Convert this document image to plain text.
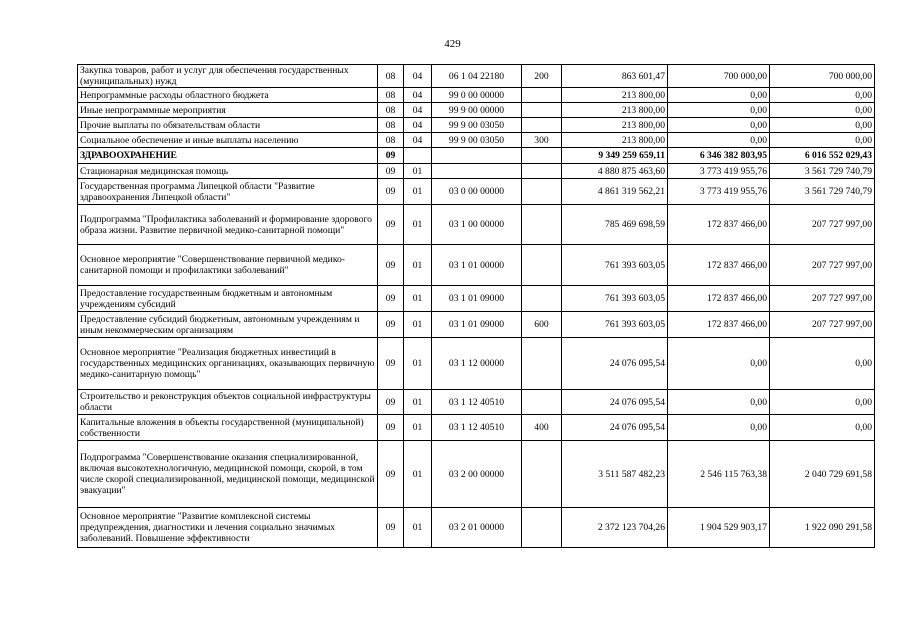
429
Закупка товаров, работ и услуг для обеспечения государственных (муниципальных) нужд	08	04	06 1 04 22180	200	863 601,47	700 000,00	700 000,00
Непрограммные расходы областного бюджета	08	04	99 0 00 00000		213 800,00	0,00	0,00
Иные непрограммные мероприятия	08	04	99 9 00 00000		213 800,00	0,00	0,00
Прочие выплаты по обязательствам области	08	04	99 9 00 03050		213 800,00	0,00	0,00
Социальное обеспечение и иные выплаты населению	08	04	99 9 00 03050	300	213 800,00	0,00	0,00
ЗДРАВООХРАНЕНИЕ	09				9 349 259 659,11	6 346 382 803,95	6 016 552 029,43
Стационарная медицинская помощь	09	01			4 880 875 463,60	3 773 419 955,76	3 561 729 740,79
Государственная программа Липецкой области "Развитие здравоохранения Липецкой области"	09	01	03 0 00 00000		4 861 319 562,21	3 773 419 955,76	3 561 729 740,79
Подпрограмма "Профилактика заболеваний и формирование здорового образа жизни. Развитие первичной медико-санитарной помощи"	09	01	03 1 00 00000		785 469 698,59	172 837 466,00	207 727 997,00
Основное мероприятие "Совершенствование первичной медико-санитарной помощи и профилактики заболеваний"	09	01	03 1 01 00000		761 393 603,05	172 837 466,00	207 727 997,00
Предоставление государственным бюджетным и автономным учреждениям субсидий	09	01	03 1 01 09000		761 393 603,05	172 837 466,00	207 727 997,00
Предоставление субсидий бюджетным, автономным учреждениям и иным некоммерческим организациям	09	01	03 1 01 09000	600	761 393 603,05	172 837 466,00	207 727 997,00
Основное мероприятие "Реализация бюджетных инвестиций в государственных медицинских организациях, оказывающих первичную медико-санитарную помощь"	09	01	03 1 12 00000		24 076 095,54	0,00	0,00
Строительство и реконструкция объектов социальной инфраструктуры области	09	01	03 1 12 40510		24 076 095,54	0,00	0,00
Капитальные вложения в объекты государственной (муниципальной) собственности	09	01	03 1 12 40510	400	24 076 095,54	0,00	0,00
Подпрограмма "Совершенствование оказания специализированной, включая высокотехнологичную, медицинской помощи, скорой, в том числе скорой специализированной, медицинской помощи, медицинской эвакуации"	09	01	03 2 00 00000		3 511 587 482,23	2 546 115 763,38	2 040 729 691,58
Основное мероприятие "Развитие комплексной системы предупреждения, диагностики и лечения социально значимых заболеваний. Повышение эффективности	09	01	03 2 01 00000		2 372 123 704,26	1 904 529 903,17	1 922 090 291,58
